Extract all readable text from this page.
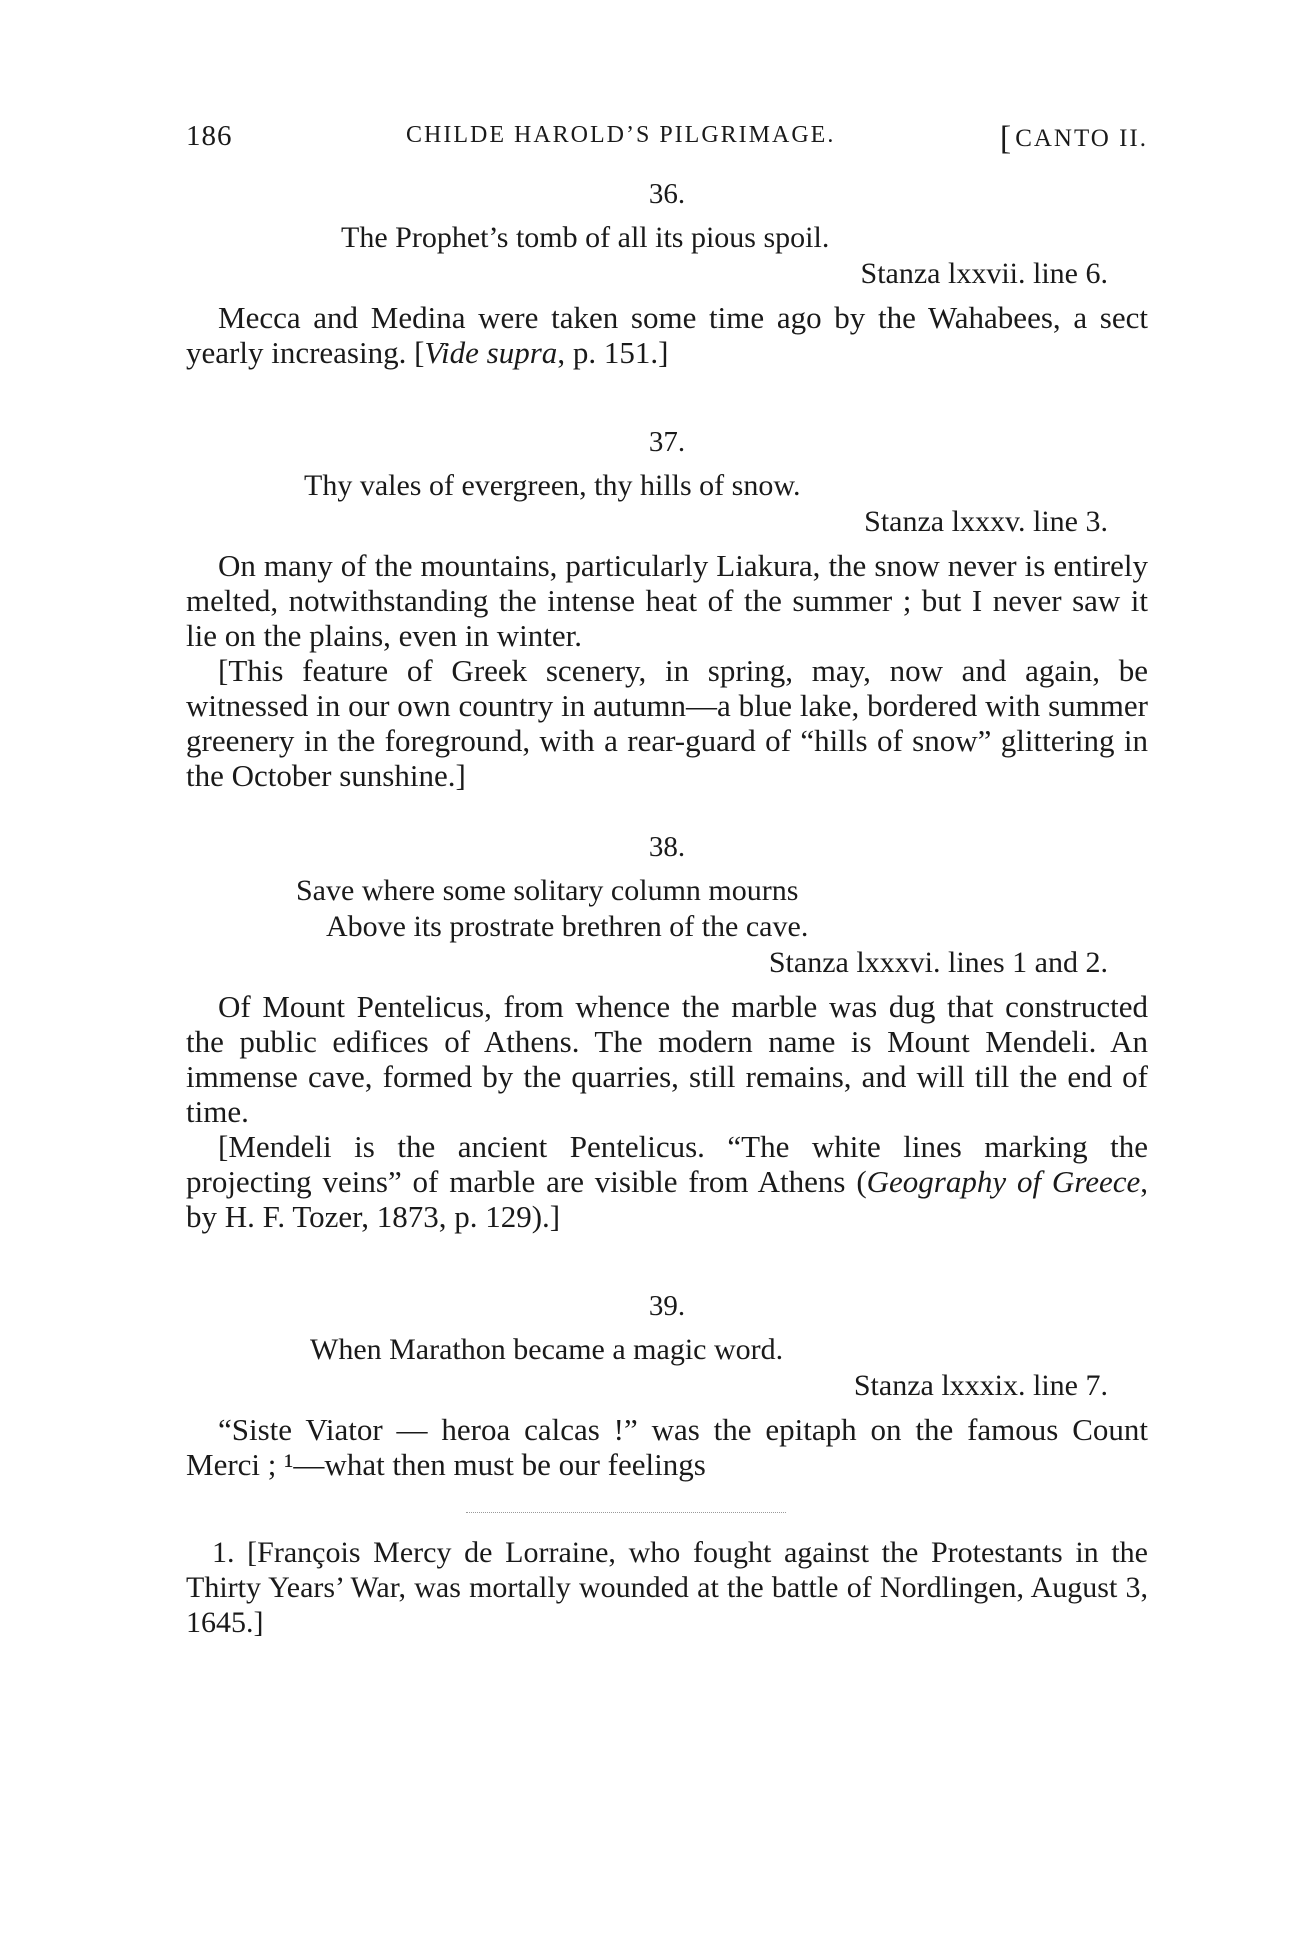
186	CHILDE HAROLD’S PILGRIMAGE.	[CANTO II.
36.
The Prophet’s tomb of all its pious spoil.
Stanza lxxvii. line 6.

Mecca and Medina were taken some time ago by the Wahabees, a sect yearly increasing. [Vide supra, p. 151.]

37.
Thy vales of evergreen, thy hills of snow.
Stanza lxxxv. line 3.

On many of the mountains, particularly Liakura, the snow never is entirely melted, notwithstanding the intense heat of the summer ; but I never saw it lie on the plains, even in winter.

[This feature of Greek scenery, in spring, may, now and again, be witnessed in our own country in autumn—a blue lake, bordered with summer greenery in the foreground, with a rear-guard of “hills of snow” glittering in the October sunshine.]

38.
Save where some solitary column mourns
Above its prostrate brethren of the cave.
Stanza lxxxvi. lines 1 and 2.

Of Mount Pentelicus, from whence the marble was dug that constructed the public edifices of Athens. The modern name is Mount Mendeli. An immense cave, formed by the quarries, still remains, and will till the end of time.

[Mendeli is the ancient Pentelicus. “The white lines marking the projecting veins” of marble are visible from Athens (Geography of Greece, by H. F. Tozer, 1873, p. 129).]

39.
When Marathon became a magic word.
Stanza lxxxix. line 7.

“Siste Viator — heroa calcas !” was the epitaph on the famous Count Merci ; ¹—what then must be our feelings

1. [François Mercy de Lorraine, who fought against the Protestants in the Thirty Years’ War, was mortally wounded at the battle of Nordlingen, August 3, 1645.]
